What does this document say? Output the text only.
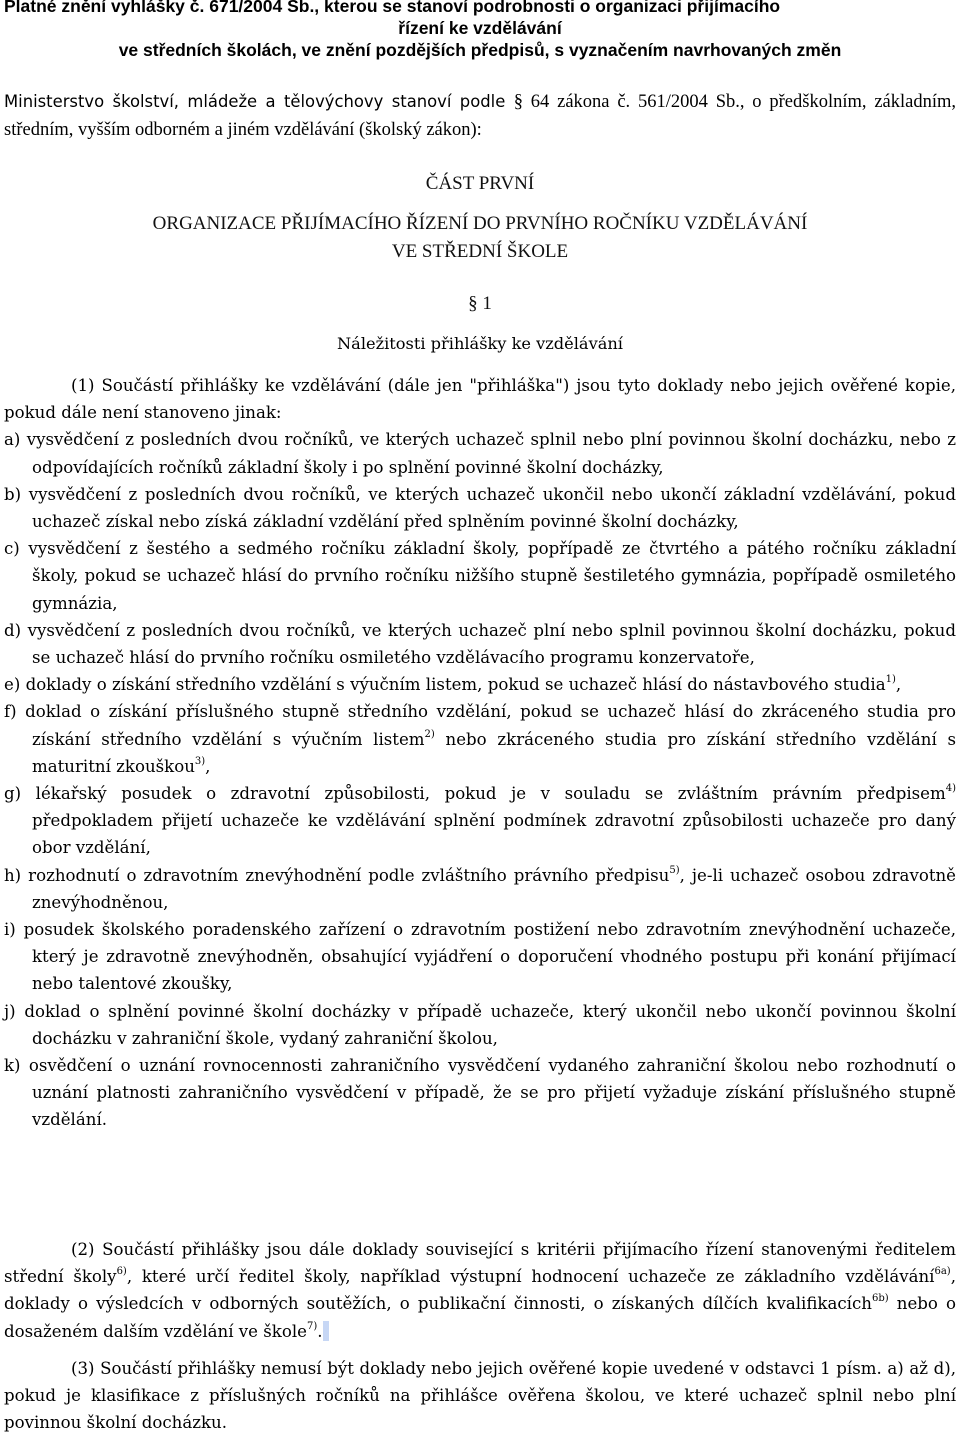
Platné znění vyhlášky č. 671/2004 Sb., kterou se stanoví podrobnosti o organizaci přijímacího
řízení ke vzdělávání
ve středních školách, ve znění pozdějších předpisů, s vyznačením navrhovaných změn
Ministerstvo školství, mládeže a tělovýchovy stanoví podle § 64 zákona č. 561/2004 Sb., o předškolním, základním, středním, vyšším odborném a jiném vzdělávání (školský zákon):
ČÁST PRVNÍ
ORGANIZACE PŘIJÍMACÍHO ŘÍZENÍ DO PRVNÍHO ROČNÍKU VZDĚLÁVÁNÍ
VE STŘEDNÍ ŠKOLE
§ 1
Náležitosti přihlášky ke vzdělávání
(1) Součástí přihlášky ke vzdělávání (dále jen "přihláška") jsou tyto doklady nebo jejich ověřené kopie, pokud dále není stanoveno jinak:
a) vysvědčení z posledních dvou ročníků, ve kterých uchazeč splnil nebo plní povinnou školní docházku, nebo z odpovídajících ročníků základní školy i po splnění povinné školní docházky,
b) vysvědčení z posledních dvou ročníků, ve kterých uchazeč ukončil nebo ukončí základní vzdělávání, pokud uchazeč získal nebo získá základní vzdělání před splněním povinné školní docházky,
c) vysvědčení z šestého a sedmého ročníku základní školy, popřípadě ze čtvrtého a pátého ročníku základní školy, pokud se uchazeč hlásí do prvního ročníku nižšího stupně šestiletého gymnázia, popřípadě osmiletého gymnázia,
d) vysvědčení z posledních dvou ročníků, ve kterých uchazeč plní nebo splnil povinnou školní docházku, pokud se uchazeč hlásí do prvního ročníku osmiletého vzdělávacího programu konzervatoře,
e) doklady o získání středního vzdělání s výučním listem, pokud se uchazeč hlásí do nástavbového studia$^{1)}$,
f) doklad o získání příslušného stupně středního vzdělání, pokud se uchazeč hlásí do zkráceného studia pro získání středního vzdělání s výučním listem$^{2)}$ nebo zkráceného studia pro získání středního vzdělání s maturitní zkouškou$^{3)}$,
g) lékařský posudek o zdravotní způsobilosti, pokud je v souladu se zvláštním právním předpisem$^{4)}$ předpokladem přijetí uchazeče ke vzdělávání splnění podmínek zdravotní způsobilosti uchazeče pro daný obor vzdělání,
h) rozhodnutí o zdravotním znevýhodnění podle zvláštního právního předpisu$^{5)}$, je-li uchazeč osobou zdravotně znevýhodněnou,
i) posudek školského poradenského zařízení o zdravotním postižení nebo zdravotním znevýhodnění uchazeče, který je zdravotně znevýhodněn, obsahující vyjádření o doporučení vhodného postupu při konání přijímací nebo talentové zkoušky,
j) doklad o splnění povinné školní docházky v případě uchazeče, který ukončil nebo ukončí povinnou školní docházku v zahraniční škole, vydaný zahraniční školou,
k) osvědčení o uznání rovnocennosti zahraničního vysvědčení vydaného zahraniční školou nebo rozhodnutí o uznání platnosti zahraničního vysvědčení v případě, že se pro přijetí vyžaduje získání příslušného stupně vzdělání.
(2) Součástí přihlášky jsou dále doklady související s kritérii přijímacího řízení stanovenými ředitelem střední školy$^{6)}$, které určí ředitel školy, například výstupní hodnocení uchazeče ze základního vzdělávání$^{6a)}$, doklady o výsledcích v odborných soutěžích, o publikační činnosti, o získaných dílčích kvalifikacích$^{6b)}$ nebo o dosaženém dalším vzdělání ve škole$^{7)}$.
(3) Součástí přihlášky nemusí být doklady nebo jejich ověřené kopie uvedené v odstavci 1 písm. a) až d), pokud je klasifikace z příslušných ročníků na přihlášce ověřena školou, ve které uchazeč splnil nebo plní povinnou školní docházku.
